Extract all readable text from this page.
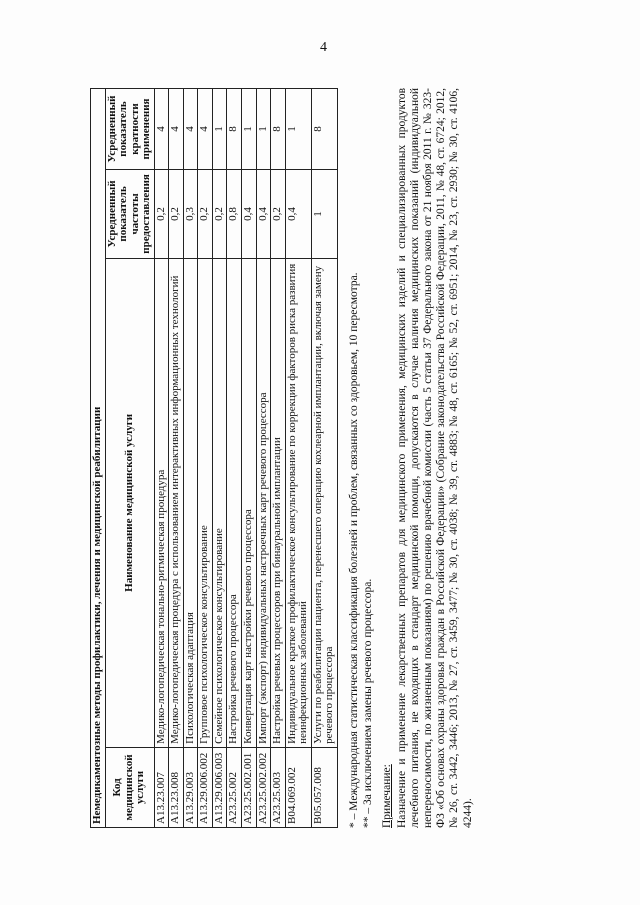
4
Немедикаментозные методы профилактики, лечения и медицинской реабилитации			
Код медицинской услуги	Наименование медицинской услуги	Усредненный показатель частоты предоставления	Усредненный показатель кратности применения
A13.23.007	Медико-логопедическая тонально-ритмическая процедура	0,2	4
A13.23.008	Медико-логопедическая процедура с использованием интерактивных информационных технологий	0,2	4
A13.29.003	Психологическая адаптация	0,3	4
A13.29.006.002	Групповое психологическое консультирование	0,2	4
A13.29.006.003	Семейное психологическое консультирование	0,2	1
A23.25.002	Настройка речевого процессора	0,8	8
A23.25.002.001	Конвертация карт настройки речевого процессора	0,4	1
A23.25.002.002	Импорт (экспорт) индивидуальных настроечных карт речевого процессора	0,4	1
A23.25.003	Настройка речевых процессоров при бинауральной имплантации	0,2	8
B04.069.002	Индивидуальное краткое профилактическое консультирование по коррекции факторов риска развития неинфекционных заболеваний	0,4	1
B05.057.008	Услуги по реабилитации пациента, перенесшего операцию кохлеарной имплантации, включая замену речевого процессора	1	8

* – Международная статистическая классификация болезней и проблем, связанных со здоровьем, 10 пересмотра. ** – За исключением замены речевого процессора. Примечание: Назначение и применение лекарственных препаратов для медицинского применения, медицинских изделий и специализированных продуктов лечебного питания, не входящих в стандарт медицинской помощи, допускаются в случае наличия медицинских показаний (индивидуальной непереносимости, по жизненным показаниям) по решению врачебной комиссии (часть 5 статьи 37 Федерального закона от 21 ноября 2011 г. № 323-ФЗ «Об основах охраны здоровья граждан в Российской Федерации» (Собрание законодательства Российской Федерации, 2011, № 48, ст. 6724; 2012, № 26, ст. 3442, 3446; 2013, № 27, ст. 3459, 3477; № 30, ст. 4038; № 39, ст. 4883; № 48, ст. 6165; № 52, ст. 6951; 2014, № 23, ст. 2930; № 30, ст. 4106, 4244).
